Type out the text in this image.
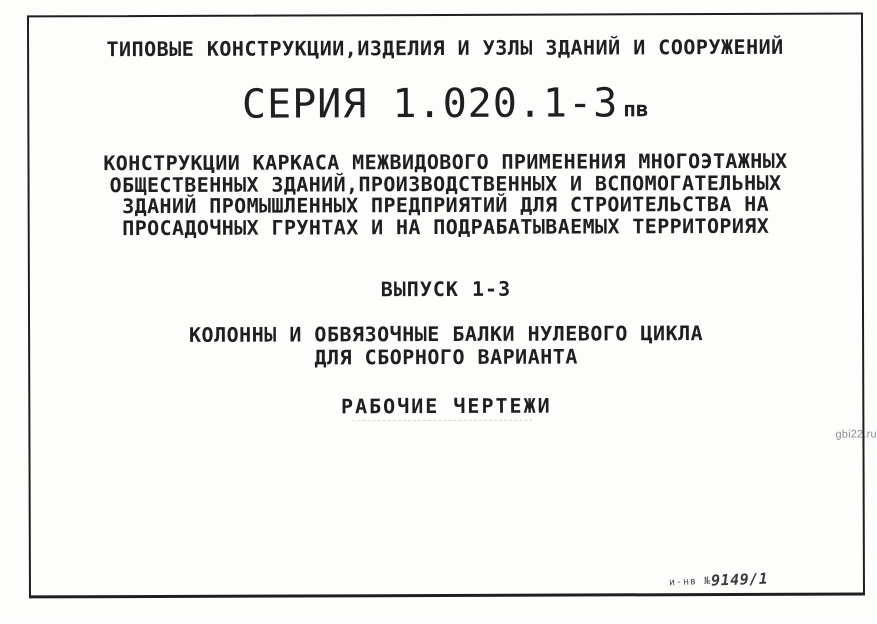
ТИПОВЫЕ КОНСТРУКЦИИ,ИЗДЕЛИЯ И УЗЛЫ ЗДАНИЙ И СООРУЖЕНИЙ
СЕРИЯ 1.020.1-3 пв
КОНСТРУКЦИИ КАРКАСА МЕЖВИДОВОГО ПРИМЕНЕНИЯ МНОГОЭТАЖНЫХ
ОБЩЕСТВЕННЫХ ЗДАНИЙ,ПРОИЗВОДСТВЕННЫХ И ВСПОМОГАТЕЛЬНЫХ
ЗДАНИЙ ПРОМЫШЛЕННЫХ ПРЕДПРИЯТИЙ ДЛЯ СТРОИТЕЛЬСТВА НА
ПРОСАДОЧНЫХ ГРУНТАХ И НА ПОДРАБАТЫВАЕМЫХ ТЕРРИТОРИЯХ
ВЫПУСК 1-3
КОЛОННЫ И ОБВЯЗОЧНЫЕ БАЛКИ НУЛЕВОГО ЦИКЛА
ДЛЯ СБОРНОГО ВАРИАНТА
РАБОЧИЕ ЧЕРТЕЖИ
gbi22.ru
и-нв №9149/1
